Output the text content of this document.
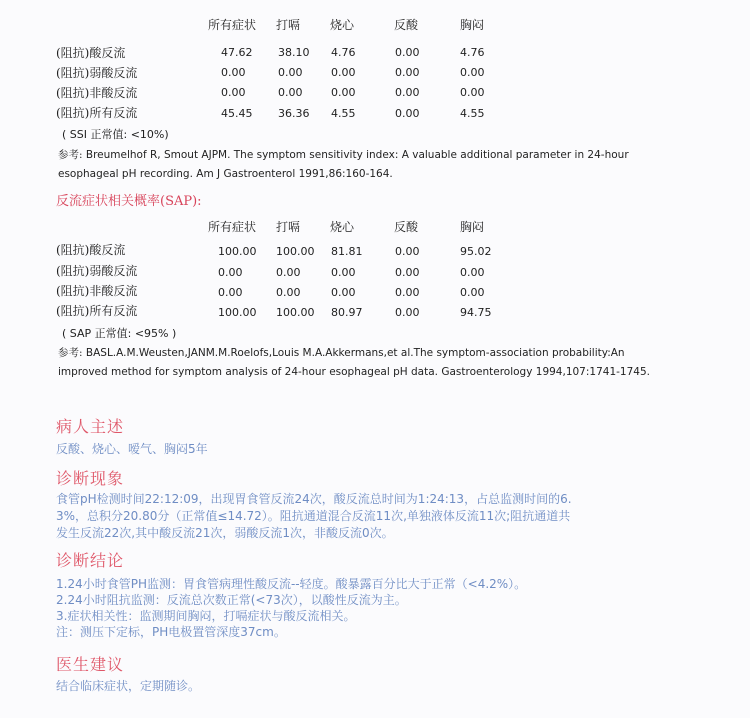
所有症状 打嗝 烧心	反酸	胸闷
(阻抗)酸反流	47.62 38.10 4.76	0.00	4.76
(阻抗)弱酸反流	0.00	0.00	0.00	0.00	0.00
(阻抗)非酸反流	0.00	0.00	0.00	0.00	0.00
(阻抗)所有反流	45.45 36.36 4.55	0.00	4.55
( SSI 正常值: <10%)
参考: Breumelhof R, Smout AJPM. The symptom sensitivity index: A valuable additional parameter in 24-hour
esophageal pH recording. Am J Gastroenterol 1991,86:160-164.
反流症状相关概率(SAP):
所有症状 打嗝 烧心	反酸	胸闷
(阻抗)酸反流	100.00 100.00 81.81	0.00	95.02
(阻抗)弱酸反流	0.00	0.00	0.00	0.00	0.00
(阻抗)非酸反流	0.00	0.00	0.00	0.00	0.00
(阻抗)所有反流	100.00 100.00 80.97	0.00	94.75
( SAP 正常值: <95% )
参考: BASL.A.M.Weusten,JANM.M.Roelofs,Louis M.A.Akkermans,et al.The symptom-association probability:An
improved method for symptom analysis of 24-hour esophageal pH data. Gastroenterology 1994,107:1741-1745.
病人主述
反酸、烧心、嗳气、胸闷5年
诊断现象
食管pH检测时间22:12:09，出现胃食管反流24次，酸反流总时间为1:24:13，占总监测时间的6.
3%，总积分20.80分（正常值≤14.72）。阻抗通道混合反流11次,单独液体反流11次;阻抗通道共
发生反流22次,其中酸反流21次，弱酸反流1次，非酸反流0次。
诊断结论
1.24小时食管PH监测：胃食管病理性酸反流--轻度。酸暴露百分比大于正常（<4.2%）。
2.24小时阻抗监测：反流总次数正常(<73次），以酸性反流为主。
3.症状相关性：监测期间胸闷，打嗝症状与酸反流相关。
注：测压下定标，PH电极置管深度37cm。
医生建议
结合临床症状，定期随诊。
